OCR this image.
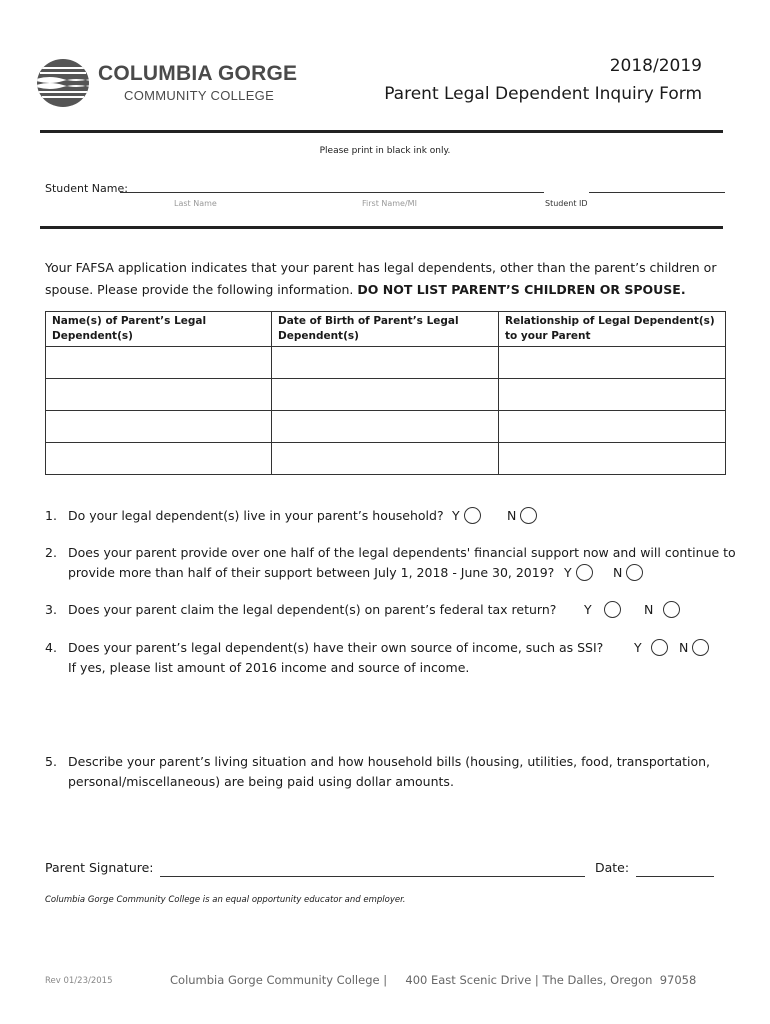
COLUMBIA GORGE
COMMUNITY COLLEGE
2018/2019
Parent Legal Dependent Inquiry Form
Please print in black ink only.
Student Name:
Last Name	First Name/MI	Student ID
Your FAFSA application indicates that your parent has legal dependents, other than the parent’s children or spouse. Please provide the following information. DO NOT LIST PARENT’S CHILDREN OR SPOUSE.
Name(s) of Parent’s Legal Dependent(s)	Date of Birth of Parent’s Legal Dependent(s)	Relationship of Legal Dependent(s) to your Parent

1. Do your legal dependent(s) live in your parent’s household? Y	N
2. Does your parent provide over one half of the legal dependents' financial support now and will continue to
provide more than half of their support between July 1, 2018 - June 30, 2019? Y	N
3. Does your parent claim the legal dependent(s) on parent’s federal tax return? Y	N
4. Does your parent’s legal dependent(s) have their own source of income, such as SSI?
If yes, please list amount of 2016 income and source of income.
Y	N
5. Describe your parent’s living situation and how household bills (housing, utilities, food, transportation,
personal/miscellaneous) are being paid using dollar amounts.
Parent Signature:	Date:
Columbia Gorge Community College is an equal opportunity educator and employer.
Rev 01/23/2015	Columbia Gorge Community College |     400 East Scenic Drive | The Dalles, Oregon  97058
